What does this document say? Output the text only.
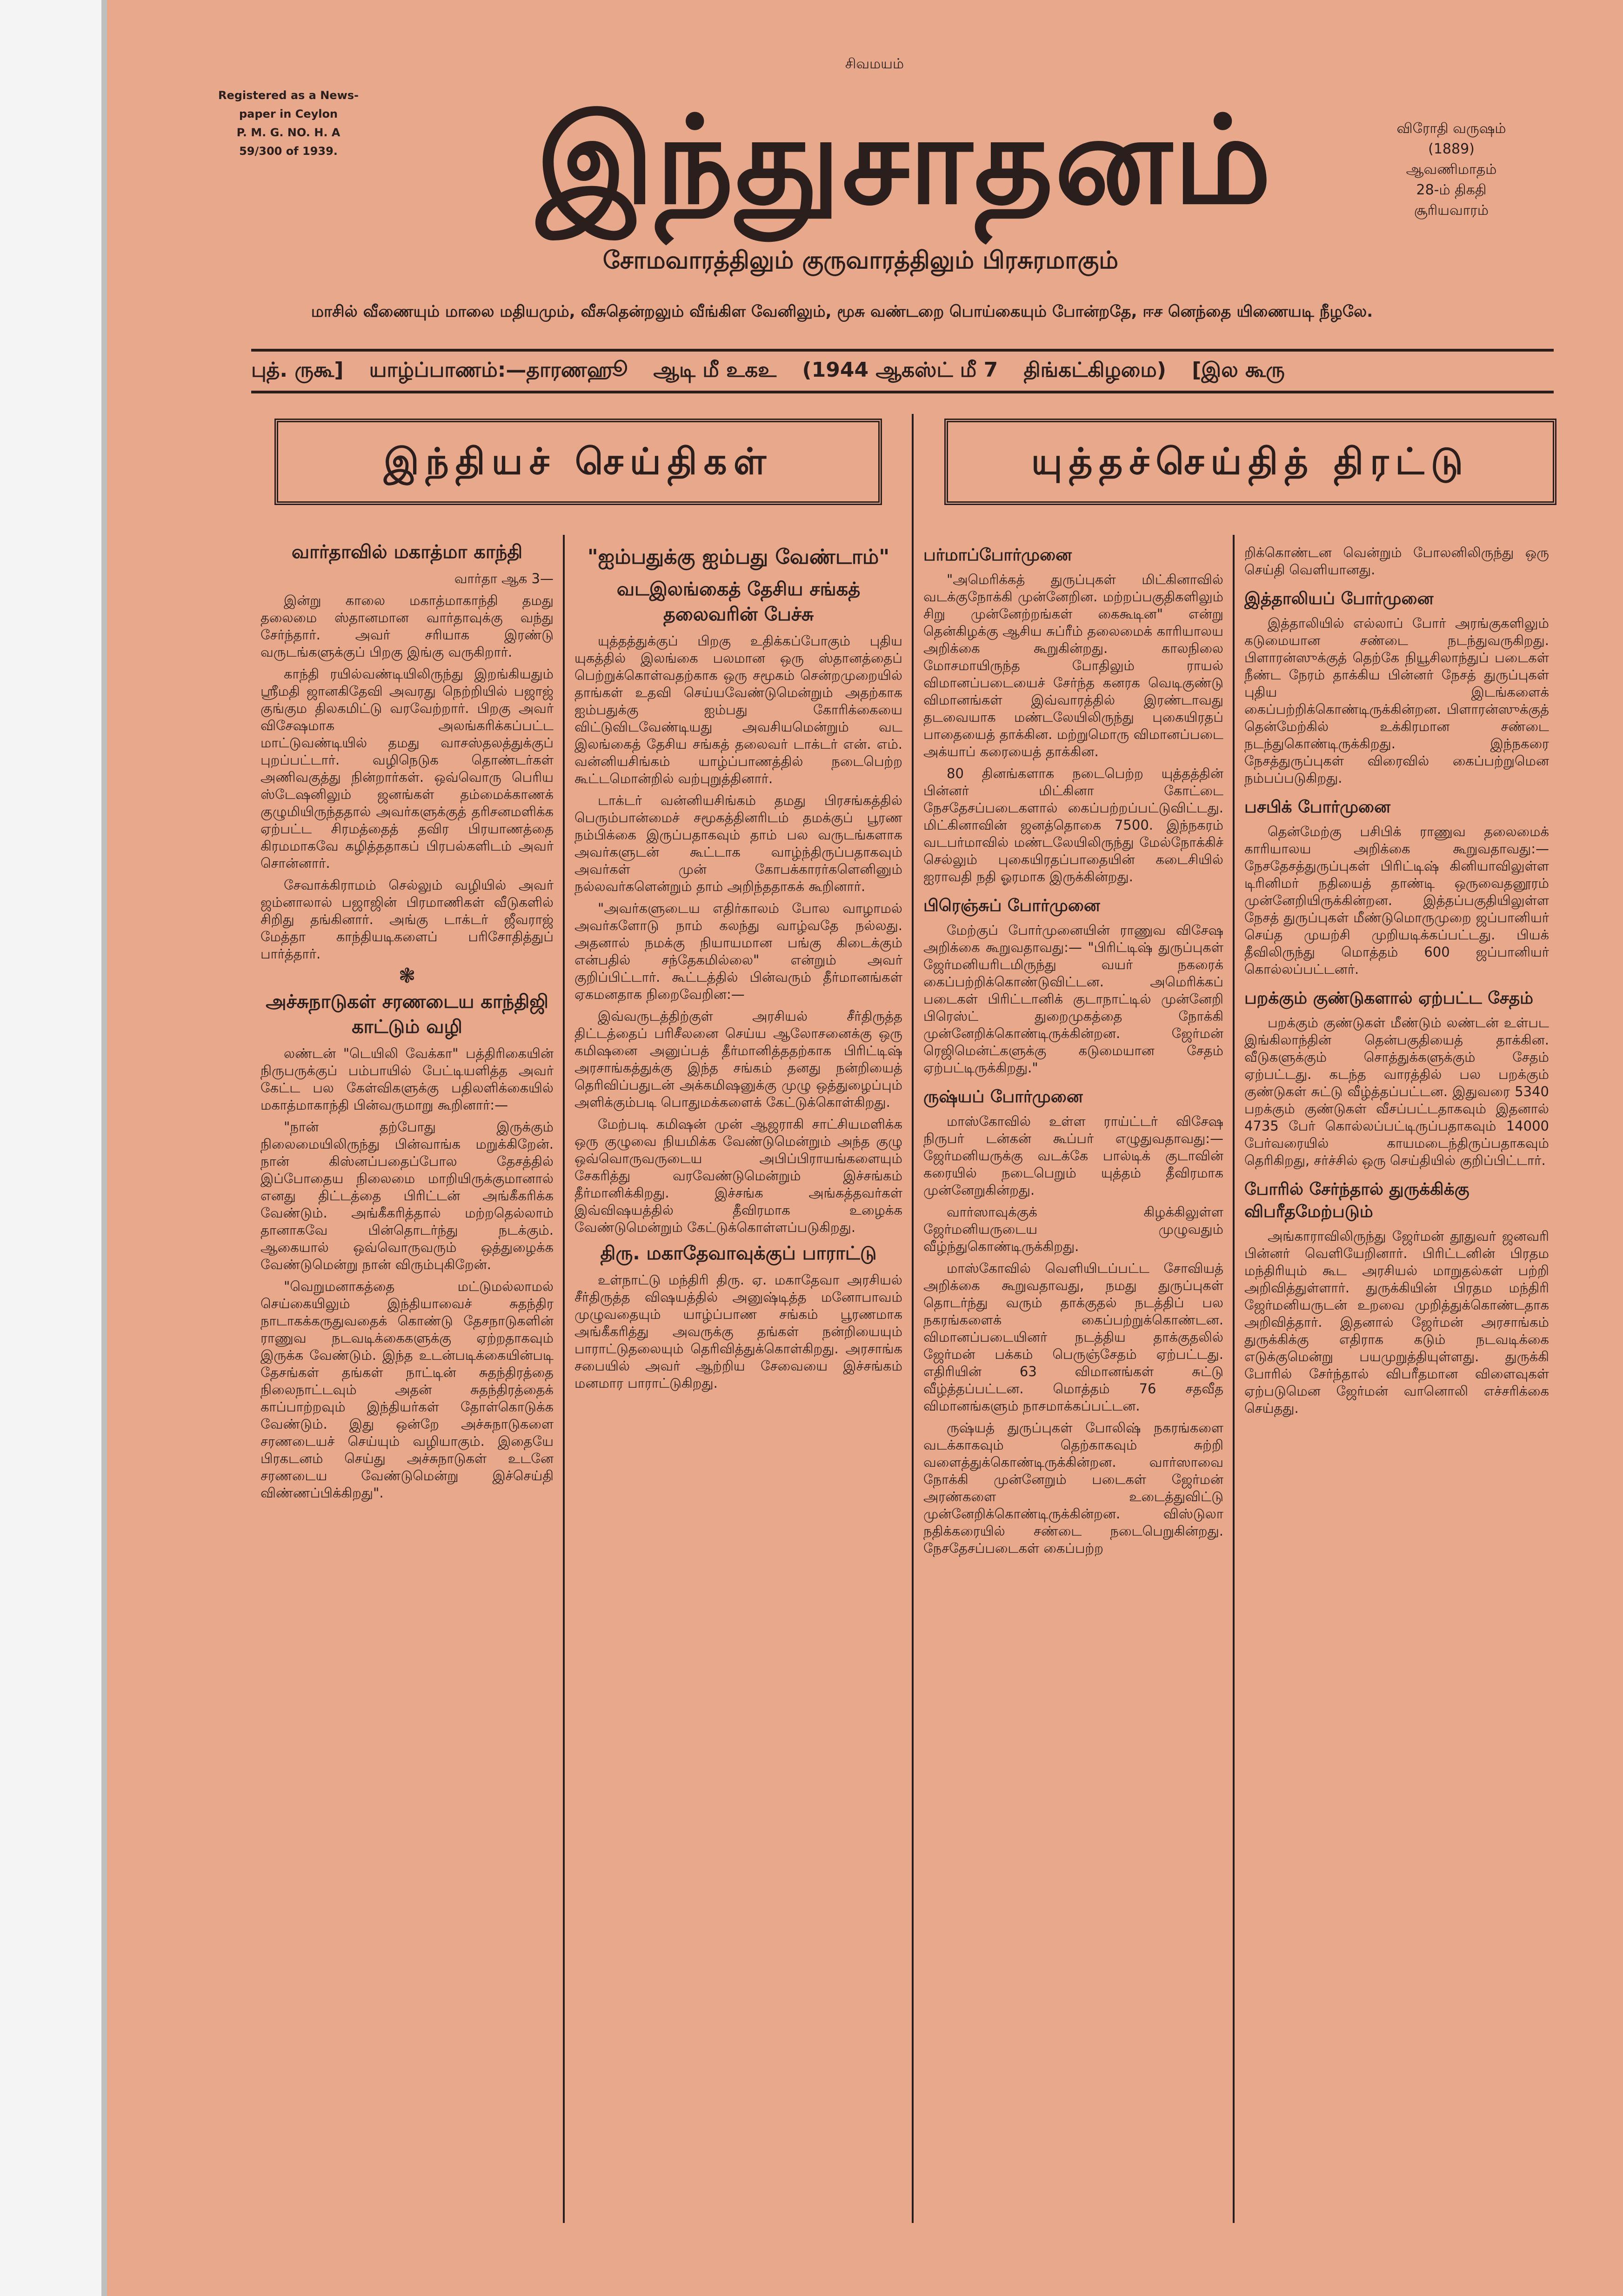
Registered as a News-
paper in Ceylon
P. M. G. NO. H. A
59/300 of 1939.
சிவமயம்
இந்துசாதனம்	விரோதி வருஷம்
(1889)
ஆவணிமாதம்
28-ம் திகதி சூரியவாரம்
சோமவாரத்திலும் குருவாரத்திலும் பிரசுரமாகும்
மாசில் வீணையும் மாலை மதியமும், வீசுதென்றலும் வீங்கிள வேனிலும், மூசு வண்டறை பொய்கையும் போன்றதே, ஈச னெந்தை யிணையடி நீழலே.
புத். ருகூ] யாழ்ப்பாணம்:—தாரணஹூ ஆடி மீ உகஉ (1944 ஆகஸ்ட் மீ 7 திங்கட்கிழமை) [இல கூரு
இந்தியச் செய்திகள்	யுத்தச்செய்தித் திரட்டு
வார்தாவில் மகாத்மா காந்தி

வார்தா ஆக 3—

இன்று காலை மகாத்மாகாந்தி தமது தலைமை ஸ்தானமான வார்தாவுக்கு வந்து சேர்ந்தார். அவர் சரியாக இரண்டு வருடங்களுக்குப் பிறகு இங்கு வருகிறார்.

காந்தி ரயில்வண்டியிலிருந்து இறங்கியதும் ஸ்ரீமதி ஜானகிதேவி அவரது நெற்றியில் பஜாஜ் குங்கும திலகமிட்டு வரவேற்றார். பிறகு அவர் விசேஷமாக அலங்கரிக்கப்பட்ட மாட்டுவண்டியில் தமது வாசஸ்தலத்துக்குப் புறப்பட்டார். வழிநெடுக தொண்டர்கள் அணிவகுத்து நின்றார்கள். ஒவ்வொரு பெரிய ஸ்டேஷனிலும் ஜனங்கள் தம்மைக்காணக் குழுமியிருந்ததால் அவர்களுக்குத் தரிசனமளிக்க ஏற்பட்ட சிரமத்தைத் தவிர பிரயாணத்தை கிரமமாகவே கழித்ததாகப் பிரபல்களிடம் அவர் சொன்னார்.

சேவாக்கிராமம் செல்லும் வழியில் அவர் ஜம்னாலால் பஜாஜின் பிரமாணிகள் வீடுகளில் சிறிது தங்கினார். அங்கு டாக்டர் ஜீவராஜ் மேத்தா காந்தியடிகளைப் பரிசோதித்துப் பார்த்தார்.

❃
அச்சுநாடுகள் சரணடைய காந்திஜி காட்டும் வழி

லண்டன் "டெயிலி வேக்கா" பத்திரிகையின் நிருபருக்குப் பம்பாயில் பேட்டியளித்த அவர் கேட்ட பல கேள்விகளுக்கு பதிலளிக்கையில் மகாத்மாகாந்தி பின்வருமாறு கூறினார்:—

"நான் தற்போது இருக்கும் நிலைமையிலிருந்து பின்வாங்க மறுக்கிறேன். நான் கிஸ்னப்பதைப்போல தேசத்தில் இப்போதைய நிலைமை மாறியிருக்குமானால் எனது திட்டத்தை பிரிட்டன் அங்கீகரிக்க வேண்டும். அங்கீகரித்தால் மற்றதெல்லாம் தானாகவே பின்தொடர்ந்து நடக்கும். ஆகையால் ஒவ்வொருவரும் ஒத்துழைக்க வேண்டுமென்று நான் விரும்புகிறேன்.

"வெறுமனாகத்தை மட்டுமல்லாமல் செய்கையிலும் இந்தியாவைச் சுதந்திர நாடாகக்கருதுவதைக் கொண்டு தேசநாடுகளின் ராணுவ நடவடிக்கைகளுக்கு ஏற்றதாகவும் இருக்க வேண்டும். இந்த உடன்படிக்கையின்படி தேசங்கள் தங்கள் நாட்டின் சுதந்திரத்தை நிலைநாட்டவும் அதன் சுதந்திரத்தைக் காப்பாற்றவும் இந்தியர்கள் தோள்கொடுக்க வேண்டும். இது ஒன்றே அச்சுநாடுகளை சரணடையச் செய்யும் வழியாகும். இதையே பிரகடனம் செய்து அச்சுநாடுகள் உடனே சரணடைய வேண்டுமென்று இச்செய்தி விண்ணப்பிக்கிறது".

"ஐம்பதுக்கு ஐம்பது வேண்டாம்"
வடஇலங்கைத் தேசிய சங்கத் தலைவரின் பேச்சு

யுத்தத்துக்குப் பிறகு உதிக்கப்போகும் புதிய யுகத்தில் இலங்கை பலமான ஒரு ஸ்தானத்தைப் பெற்றுக்கொள்வதற்காக ஒரு சமூகம் சென்றமுறையில் தாங்கள் உதவி செய்யவேண்டுமென்றும் அதற்காக ஐம்பதுக்கு ஐம்பது கோரிக்கையை விட்டுவிடவேண்டியது அவசியமென்றும் வட இலங்கைத் தேசிய சங்கத் தலைவர் டாக்டர் என். எம். வன்னியசிங்கம் யாழ்ப்பாணத்தில் நடைபெற்ற கூட்டமொன்றில் வற்புறுத்தினார்.

டாக்டர் வன்னியசிங்கம் தமது பிரசங்கத்தில் பெரும்பான்மைச் சமூகத்தினரிடம் தமக்குப் பூரண நம்பிக்கை இருப்பதாகவும் தாம் பல வருடங்களாக அவர்களுடன் கூட்டாக வாழ்ந்திருப்பதாகவும் அவர்கள் முன் கோபக்காரர்களெனினும் நல்லவர்களென்றும் தாம் அறிந்ததாகக் கூறினார்.

"அவர்களுடைய எதிர்காலம் போல வாழாமல் அவர்களோடு நாம் கலந்து வாழ்வதே நல்லது. அதனால் நமக்கு நியாயமான பங்கு கிடைக்கும் என்பதில் சந்தேகமில்லை" என்றும் அவர் குறிப்பிட்டார். கூட்டத்தில் பின்வரும் தீர்மானங்கள் ஏகமனதாக நிறைவேறின:—

இவ்வருடத்திற்குள் அரசியல் சீர்திருத்த திட்டத்தைப் பரிசீலனை செய்ய ஆலோசனைக்கு ஒரு கமிஷனை அனுப்பத் தீர்மானித்ததற்காக பிரிட்டிஷ் அரசாங்கத்துக்கு இந்த சங்கம் தனது நன்றியைத் தெரிவிப்பதுடன் அக்கமிஷனுக்கு முழு ஒத்துழைப்பும் அளிக்கும்படி பொதுமக்களைக் கேட்டுக்கொள்கிறது.

மேற்படி கமிஷன் முன் ஆஜராகி சாட்சியமளிக்க ஒரு குழுவை நியமிக்க வேண்டுமென்றும் அந்த குழு ஒவ்வொருவருடைய அபிப்பிராயங்களையும் சேகரித்து வரவேண்டுமென்றும் இச்சங்கம் தீர்மானிக்கிறது. இச்சங்க அங்கத்தவர்கள் இவ்விஷயத்தில் தீவிரமாக உழைக்க வேண்டுமென்றும் கேட்டுக்கொள்ளப்படுகிறது.

திரு. மகாதேவாவுக்குப் பாராட்டு

உள்நாட்டு மந்திரி திரு. ஏ. மகாதேவா அரசியல் சீர்திருத்த விஷயத்தில் அனுஷ்டித்த மனோபாவம் முழுவதையும் யாழ்ப்பாண சங்கம் பூரணமாக அங்கீகரித்து அவருக்கு தங்கள் நன்றியையும் பாராட்டுதலையும் தெரிவித்துக்கொள்கிறது. அரசாங்க சபையில் அவர் ஆற்றிய சேவையை இச்சங்கம் மனமார பாராட்டுகிறது.

பர்மாப்போர்முனை

"அமெரிக்கத் துருப்புகள் மிட்கினாவில் வடக்குநோக்கி முன்னேறின. மற்றப்பகுதிகளிலும் சிறு முன்னேற்றங்கள் கைகூடின" என்று தென்கிழக்கு ஆசிய சுப்ரீம் தலைமைக் காரியாலய அறிக்கை கூறுகின்றது. காலநிலை மோசமாயிருந்த போதிலும் ராயல் விமானப்படையைச் சேர்ந்த கனரக வெடிகுண்டு விமானங்கள் இவ்வாரத்தில் இரண்டாவது தடவையாக மண்டலேயிலிருந்து புகையிரதப் பாதையைத் தாக்கின. மற்றுமொரு விமானப்படை அக்யாப் கரையைத் தாக்கின.

80 தினங்களாக நடைபெற்ற யுத்தத்தின் பின்னர் மிட்கினா கோட்டை நேசதேசப்படைகளால் கைப்பற்றப்பட்டுவிட்டது. மிட்கினாவின் ஜனத்தொகை 7500. இந்நகரம் வடபர்மாவில் மண்டலேயிலிருந்து மேல்நோக்கிச் செல்லும் புகையிரதப்பாதையின் கடைசியில் ஐராவதி நதி ஓரமாக இருக்கின்றது.

பிரெஞ்சுப் போர்முனை

மேற்குப் போர்முனையின் ராணுவ விசேஷ அறிக்கை கூறுவதாவது:— "பிரிட்டிஷ் துருப்புகள் ஜேர்மனியரிடமிருந்து வயர் நகரைக் கைப்பற்றிக்கொண்டுவிட்டன. அமெரிக்கப் படைகள் பிரிட்டானிக் குடாநாட்டில் முன்னேறி பிரெஸ்ட் துறைமுகத்தை நோக்கி முன்னேறிக்கொண்டிருக்கின்றன. ஜேர்மன் ரெஜிமென்ட்களுக்கு கடுமையான சேதம் ஏற்பட்டிருக்கிறது."

ருஷ்யப் போர்முனை

மாஸ்கோவில் உள்ள ராய்ட்டர் விசேஷ நிருபர் டன்கன் கூப்பர் எழுதுவதாவது:— ஜேர்மனியருக்கு வடக்கே பால்டிக் குடாவின் கரையில் நடைபெறும் யுத்தம் தீவிரமாக முன்னேறுகின்றது.

வார்ஸாவுக்குக் கிழக்கிலுள்ள ஜேர்மனியருடைய முழுவதும் வீழ்ந்துகொண்டிருக்கிறது.

மாஸ்கோவில் வெளியிடப்பட்ட சோவியத் அறிக்கை கூறுவதாவது, நமது துருப்புகள் தொடர்ந்து வரும் தாக்குதல் நடத்திப் பல நகரங்களைக் கைப்பற்றுக்கொண்டன. விமானப்படையினர் நடத்திய தாக்குதலில் ஜேர்மன் பக்கம் பெருஞ்சேதம் ஏற்பட்டது. எதிரியின் 63 விமானங்கள் சுட்டு வீழ்த்தப்பட்டன. மொத்தம் 76 சதவீத விமானங்களும் நாசமாக்கப்பட்டன.

ருஷ்யத் துருப்புகள் போலிஷ் நகரங்களை வடக்காகவும் தெற்காகவும் சுற்றி வளைத்துக்கொண்டிருக்கின்றன. வார்ஸாவை நோக்கி முன்னேறும் படைகள் ஜேர்மன் அரண்களை உடைத்துவிட்டு முன்னேறிக்கொண்டிருக்கின்றன. விஸ்டுலா நதிக்கரையில் சண்டை நடைபெறுகின்றது. நேசதேசப்படைகள் கைப்பற்ற

றிக்கொண்டன வென்றும் போலனிலிருந்து ஒரு செய்தி வெளியானது.

இத்தாலியப் போர்முனை

இத்தாலியில் எல்லாப் போர் அரங்குகளிலும் கடுமையான சண்டை நடந்துவருகிறது. பிளாரன்ஸுக்குத் தெற்கே நியூசிலாந்துப் படைகள் நீண்ட நேரம் தாக்கிய பின்னர் நேசத் துருப்புகள் புதிய இடங்களைக் கைப்பற்றிக்கொண்டிருக்கின்றன. பிளாரன்ஸுக்குத் தென்மேற்கில் உக்கிரமான சண்டை நடந்துகொண்டிருக்கிறது. இந்நகரை நேசத்துருப்புகள் விரைவில் கைப்பற்றுமென நம்பப்படுகிறது.

பசபிக் போர்முனை

தென்மேற்கு பசிபிக் ராணுவ தலைமைக் காரியாலய அறிக்கை கூறுவதாவது:— நேசதேசத்துருப்புகள் பிரிட்டிஷ் கினியாவிலுள்ள டிரினிமர் நதியைத் தாண்டி ஒருவைதனூரம் முன்னேறியிருக்கின்றன. இத்தப்பகுதியிலுள்ள நேசத் துருப்புகள் மீண்டுமொருமுறை ஜப்பானியர் செய்த முயற்சி முறியடிக்கப்பட்டது. பியக் தீவிலிருந்து மொத்தம் 600 ஜப்பானியர் கொல்லப்பட்டனர்.

பறக்கும் குண்டுகளால் ஏற்பட்ட சேதம்

பறக்கும் குண்டுகள் மீண்டும் லண்டன் உள்பட இங்கிலாந்தின் தென்பகுதியைத் தாக்கின. வீடுகளுக்கும் சொத்துக்களுக்கும் சேதம் ஏற்பட்டது. கடந்த வாரத்தில் பல பறக்கும் குண்டுகள் சுட்டு வீழ்த்தப்பட்டன. இதுவரை 5340 பறக்கும் குண்டுகள் வீசப்பட்டதாகவும் இதனால் 4735 பேர் கொல்லப்பட்டிருப்பதாகவும் 14000 பேர்வரையில் காயமடைந்திருப்பதாகவும் தெரிகிறது, சர்ச்சில் ஒரு செய்தியில் குறிப்பிட்டார்.

போரில் சேர்ந்தால் துருக்கிக்கு விபரீதமேற்படும்

அங்காராவிலிருந்து ஜேர்மன் தூதுவர் ஜனவரி பின்னர் வெளியேறினார். பிரிட்டனின் பிரதம மந்திரியும் கூட அரசியல் மாறுதல்கள் பற்றி அறிவித்துள்ளார். துருக்கியின் பிரதம மந்திரி ஜேர்மனியருடன் உறவை முறித்துக்கொண்டதாக அறிவித்தார். இதனால் ஜேர்மன் அரசாங்கம் துருக்கிக்கு எதிராக கடும் நடவடிக்கை எடுக்குமென்று பயமுறுத்தியுள்ளது. துருக்கி போரில் சேர்ந்தால் விபரீதமான விளைவுகள் ஏற்படுமென ஜேர்மன் வானொலி எச்சரிக்கை செய்தது.
